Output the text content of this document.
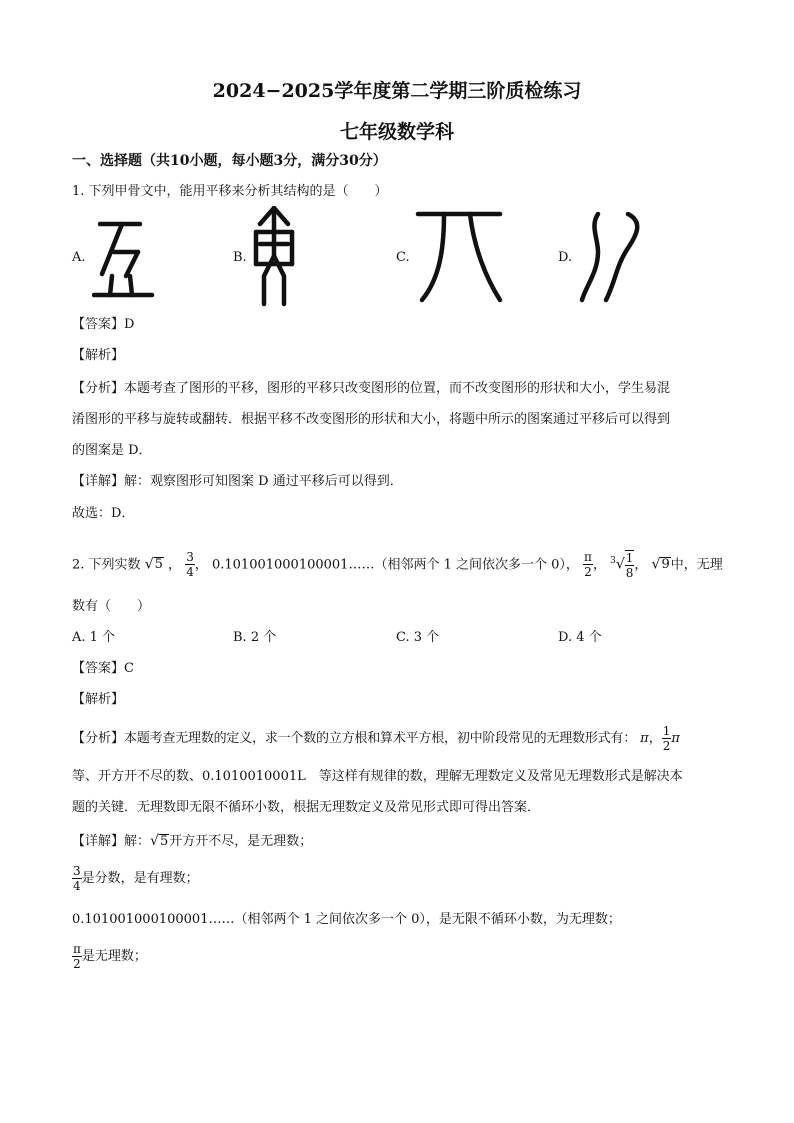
2024−2025学年度第二学期三阶质检练习
七年级数学科
一、选择题（共10小题，每小题3分，满分30分）
1. 下列甲骨文中，能用平移来分析其结构的是（　　）
A.	B.	C.	D.
【答案】D
【解析】
【分析】本题考查了图形的平移，图形的平移只改变图形的位置，而不改变图形的形状和大小，学生易混
淆图形的平移与旋转或翻转．根据平移不改变图形的形状和大小，将题中所示的图案通过平移后可以得到
的图案是 D．
【详解】解：观察图形可知图案 D 通过平移后可以得到．
故选：D．
2. 下列实数 √5 ， $\frac{3}{4}$ ， 0.101001000100001……（相邻两个 1 之间依次多一个 0）， $\frac{\pi}{2}$ ， $^3√ \frac{1}{8}$ ， √9中，无理
数有（　　）
A. 1 个	B. 2 个	C. 3 个	D. 4 个
【答案】C
【解析】
【分析】本题考查无理数的定义，求一个数的立方根和算术平方根，初中阶段常见的无理数形式有： π， $\frac{1}{2}$ π
等、开方开不尽的数、0.1010010001L　等这样有规律的数，理解无理数定义及常见无理数形式是解决本
题的关键．无理数即无限不循环小数，根据无理数定义及常见形式即可得出答案．
【详解】解：√5开方开不尽，是无理数；
$\frac{3}{4}$ 是分数，是有理数；
0.101001000100001……（相邻两个 1 之间依次多一个 0），是无限不循环小数，为无理数；
$\frac{\pi}{2}$ 是无理数；
